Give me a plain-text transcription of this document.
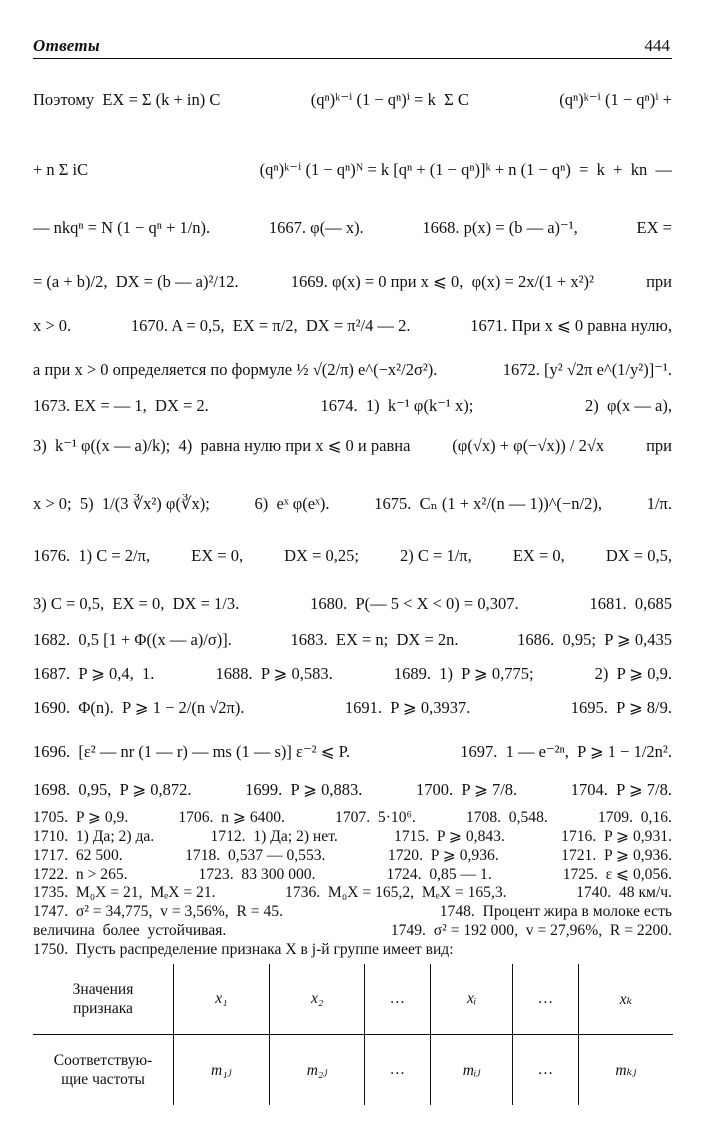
Ответы	444
Поэтому  EX = Σ (k + in) C	(qⁿ)ᵏ⁻ⁱ (1 − qⁿ)ⁱ = k  Σ C	(qⁿ)ᵏ⁻ⁱ (1 − qⁿ)ⁱ +
+ n Σ iC	(qⁿ)ᵏ⁻ⁱ (1 − qⁿ)ᴺ = k [qⁿ + (1 − qⁿ)]ᵏ + n (1 − qⁿ)  =  k  +  kn  —
— nkqⁿ = N (1 − qⁿ + 1/n).	1667. φ(— x).	1668. p(x) = (b — a)⁻¹,	EX =
= (a + b)/2,  DX = (b — a)²/12.	1669. φ(x) = 0 при x ⩽ 0,  φ(x) = 2x/(1 + x²)²	при
x > 0.	1670. A = 0,5,  EX = π/2,  DX = π²/4 — 2.	1671. При x ⩽ 0 равна нулю,
а при x > 0 определяется по формуле ½ √(2/π) e^(−x²/2σ²).	1672. [y² √2π e^(1/y²)]⁻¹.
1673. EX = — 1,  DX = 2.	1674.  1)  k⁻¹ φ(k⁻¹ x);	2)  φ(x — a),
3)  k⁻¹ φ((x — a)/k);  4)  равна нулю при x ⩽ 0 и равна	(φ(√x) + φ(−√x)) / 2√x	при
x > 0;  5)  1/(3 ∛x²) φ(∛x);	6)  eˣ φ(eˣ).	1675.  Cₙ (1 + x²/(n — 1))^(−n/2),	1/π.
1676.  1) C = 2/π, EX = 0, DX = 0,25; 2) C = 1/π, EX = 0, DX = 0,5,
3) C = 0,5,  EX = 0,  DX = 1/3.	1680.  P(— 5 < X < 0) = 0,307.	1681.  0,685
1682.  0,5 [1 + Φ((x — a)/σ)].	1683.  EX = n;  DX = 2n.	1686.  0,95;  P ⩾ 0,435
1687.  P ⩾ 0,4,  1.	1688.  P ⩾ 0,583.	1689.  1)  P ⩾ 0,775;	2)  P ⩾ 0,9.
1690.  Φ(n).  P ⩾ 1 − 2/(n √2π).	1691.  P ⩾ 0,3937.	1695.  P ⩾ 8/9.
1696.  [ε² — nr (1 — r) — ms (1 — s)] ε⁻² ⩽ P.	1697.  1 — e⁻²ⁿ,  P ⩾ 1 − 1/2n².
1698.  0,95,  P ⩾ 0,872.	1699.  P ⩾ 0,883.	1700.  P ⩾ 7/8.	1704.  P ⩾ 7/8.
1705.  P ⩾ 0,9.	1706.  n ⩾ 6400.	1707.  5·10⁶.	1708.  0,548.	1709.  0,16.
1710.  1) Да; 2) да.	1712.  1) Да; 2) нет.	1715.  P ⩾ 0,843.	1716.  P ⩾ 0,931.
1717.  62 500.	1718.  0,537 — 0,553.	1720.  P ⩾ 0,936.	1721.  P ⩾ 0,936.
1722.  n > 265.	1723.  83 300 000.	1724.  0,85 — 1.	1725.  ε ⩽ 0,056.
1735.  M₀X = 21,  MₑX = 21.	1736.  M₀X = 165,2,  MₑX = 165,3.	1740.  48 км/ч.
1747.  σ² = 34,775,  v = 3,56%,  R = 45.	1748.  Процент жира в молоке есть
величина  более  устойчивая.	1749.  σ² = 192 000,  v = 27,96%,  R = 2200.
1750.  Пусть распределение признака X в j-й группе имеет вид:
Значения
признака	x₁	x₂	…	xᵢ	…	xₖ

Соответствую-
щие частоты	m₁ⱼ	m₂ⱼ	…	mᵢⱼ	…	mₖⱼ
